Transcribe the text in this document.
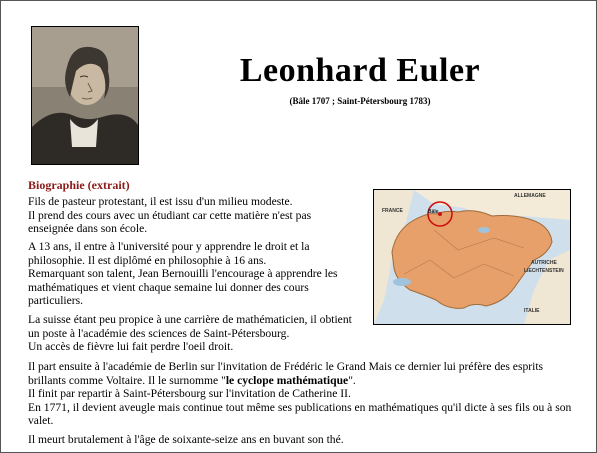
Leonhard Euler
(Bâle 1707 ; Saint-Pétersbourg 1783)
Biographie (extrait)

Fils de pasteur protestant, il est issu d'un milieu modeste.

Il prend des cours avec un étudiant car cette matière n'est pas enseignée dans son école.

A 13 ans, il entre à l'université pour y apprendre le droit et la philosophie. Il est diplômé en philosophie à 16 ans.

Remarquant son talent, Jean Bernouilli l'encourage à apprendre les mathématiques et vient chaque semaine lui donner des cours particuliers.

La suisse étant peu propice à une carrière de mathématicien, il obtient un poste à l'académie des sciences de Saint-Pétersbourg.

Un accès de fièvre lui fait perdre l'oeil droit.

Il part ensuite à l'académie de Berlin sur l'invitation de Frédéric le Grand Mais ce dernier lui préfère des esprits brillants comme Voltaire. Il le surnomme "le cyclope mathématique".

Il finit par repartir à Saint-Pétersbourg sur l'invitation de Catherine II.

En 1771, il devient aveugle mais continue tout même ses publications en mathématiques qu'il dicte à ses fils ou à son valet.

Il meurt brutalement à l'âge de soixante-seize ans en buvant son thé.

ALLEMAGNE
FRANCE
AUTRICHE
LIECHTENSTEIN
ITALIE
Bâle
